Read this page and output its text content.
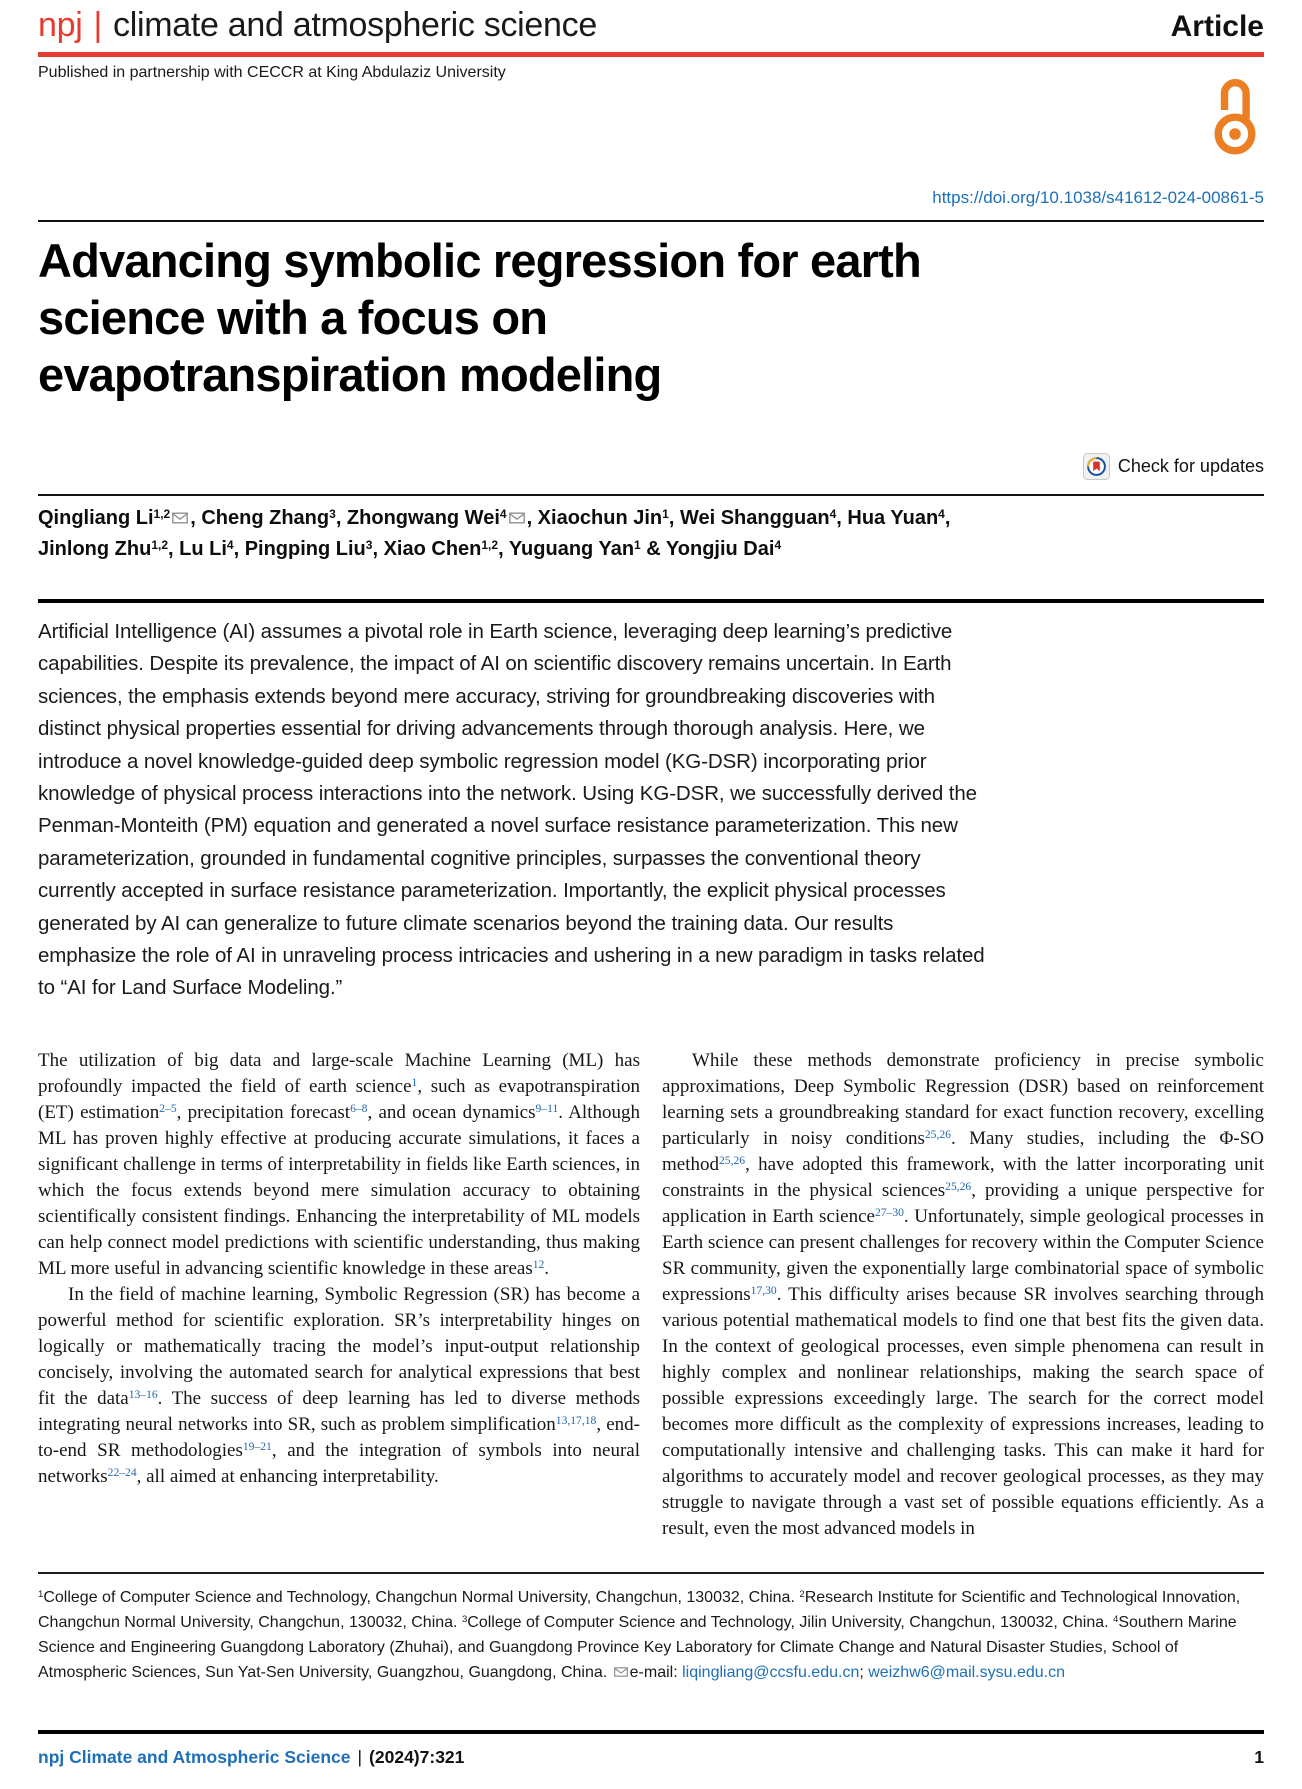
npj | climate and atmospheric science	Article
Published in partnership with CECCR at King Abdulaziz University
https://doi.org/10.1038/s41612-024-00861-5
Advancing symbolic regression for earth
science with a focus on
evapotranspiration modeling
Check for updates
Qingliang Li$^{1,2}$ , Cheng Zhang$^3$, Zhongwang Wei$^4$ , Xiaochun Jin$^1$, Wei Shangguan$^4$, Hua Yuan$^4$,
Jinlong Zhu$^{1,2}$, Lu Li$^4$, Pingping Liu$^3$, Xiao Chen$^{1,2}$, Yuguang Yan$^1$ & Yongjiu Dai$^4$
Artificial Intelligence (AI) assumes a pivotal role in Earth science, leveraging deep learning’s predictive capabilities. Despite its prevalence, the impact of AI on scientific discovery remains uncertain. In Earth sciences, the emphasis extends beyond mere accuracy, striving for groundbreaking discoveries with distinct physical properties essential for driving advancements through thorough analysis. Here, we introduce a novel knowledge-guided deep symbolic regression model (KG-DSR) incorporating prior knowledge of physical process interactions into the network. Using KG-DSR, we successfully derived the Penman-Monteith (PM) equation and generated a novel surface resistance parameterization. This new parameterization, grounded in fundamental cognitive principles, surpasses the conventional theory currently accepted in surface resistance parameterization. Importantly, the explicit physical processes generated by AI can generalize to future climate scenarios beyond the training data. Our results emphasize the role of AI in unraveling process intricacies and ushering in a new paradigm in tasks related to “AI for Land Surface Modeling.”

The utilization of big data and large-scale Machine Learning (ML) has profoundly impacted the field of earth science$^1$, such as evapotranspiration (ET) estimation$^{2-5}$, precipitation forecast$^{6-8}$, and ocean dynamics$^{9-11}$. Although ML has proven highly effective at producing accurate simulations, it faces a significant challenge in terms of interpretability in fields like Earth sciences, in which the focus extends beyond mere simulation accuracy to obtaining scientifically consistent findings. Enhancing the interpretability of ML models can help connect model predictions with scientific understanding, thus making ML more useful in advancing scientific knowledge in these areas$^{12}$.

In the field of machine learning, Symbolic Regression (SR) has become a powerful method for scientific exploration. SR’s interpretability hinges on logically or mathematically tracing the model’s input-output relationship concisely, involving the automated search for analytical expressions that best fit the data$^{13-16}$. The success of deep learning has led to diverse methods integrating neural networks into SR, such as problem simplification$^{13,17,18}$, end-to-end SR methodologies$^{19-21}$, and the integration of symbols into neural networks$^{22-24}$, all aimed at enhancing interpretability.

While these methods demonstrate proficiency in precise symbolic approximations, Deep Symbolic Regression (DSR) based on reinforcement learning sets a groundbreaking standard for exact function recovery, excelling particularly in noisy conditions$^{25,26}$. Many studies, including the Φ-SO method$^{25,26}$, have adopted this framework, with the latter incorporating unit constraints in the physical sciences$^{25,26}$, providing a unique perspective for application in Earth science$^{27-30}$. Unfortunately, simple geological processes in Earth science can present challenges for recovery within the Computer Science SR community, given the exponentially large combinatorial space of symbolic expressions$^{17,30}$. This difficulty arises because SR involves searching through various potential mathematical models to find one that best fits the given data. In the context of geological processes, even simple phenomena can result in highly complex and nonlinear relationships, making the search space of possible expressions exceedingly large. The search for the correct model becomes more difficult as the complexity of expressions increases, leading to computationally intensive and challenging tasks. This can make it hard for algorithms to accurately model and recover geological processes, as they may struggle to navigate through a vast set of possible equations efficiently. As a result, even the most advanced models in

$^1$College of Computer Science and Technology, Changchun Normal University, Changchun, 130032, China. $^2$Research Institute for Scientific and Technological Innovation, Changchun Normal University, Changchun, 130032, China. $^3$College of Computer Science and Technology, Jilin University, Changchun, 130032, China. $^4$Southern Marine Science and Engineering Guangdong Laboratory (Zhuhai), and Guangdong Province Key Laboratory for Climate Change and Natural Disaster Studies, School of Atmospheric Sciences, Sun Yat-Sen University, Guangzhou, Guangdong, China. e-mail: liqingliang@ccsfu.edu.cn; weizhw6@mail.sysu.edu.cn
npj Climate and Atmospheric Science | (2024)7:321	1
